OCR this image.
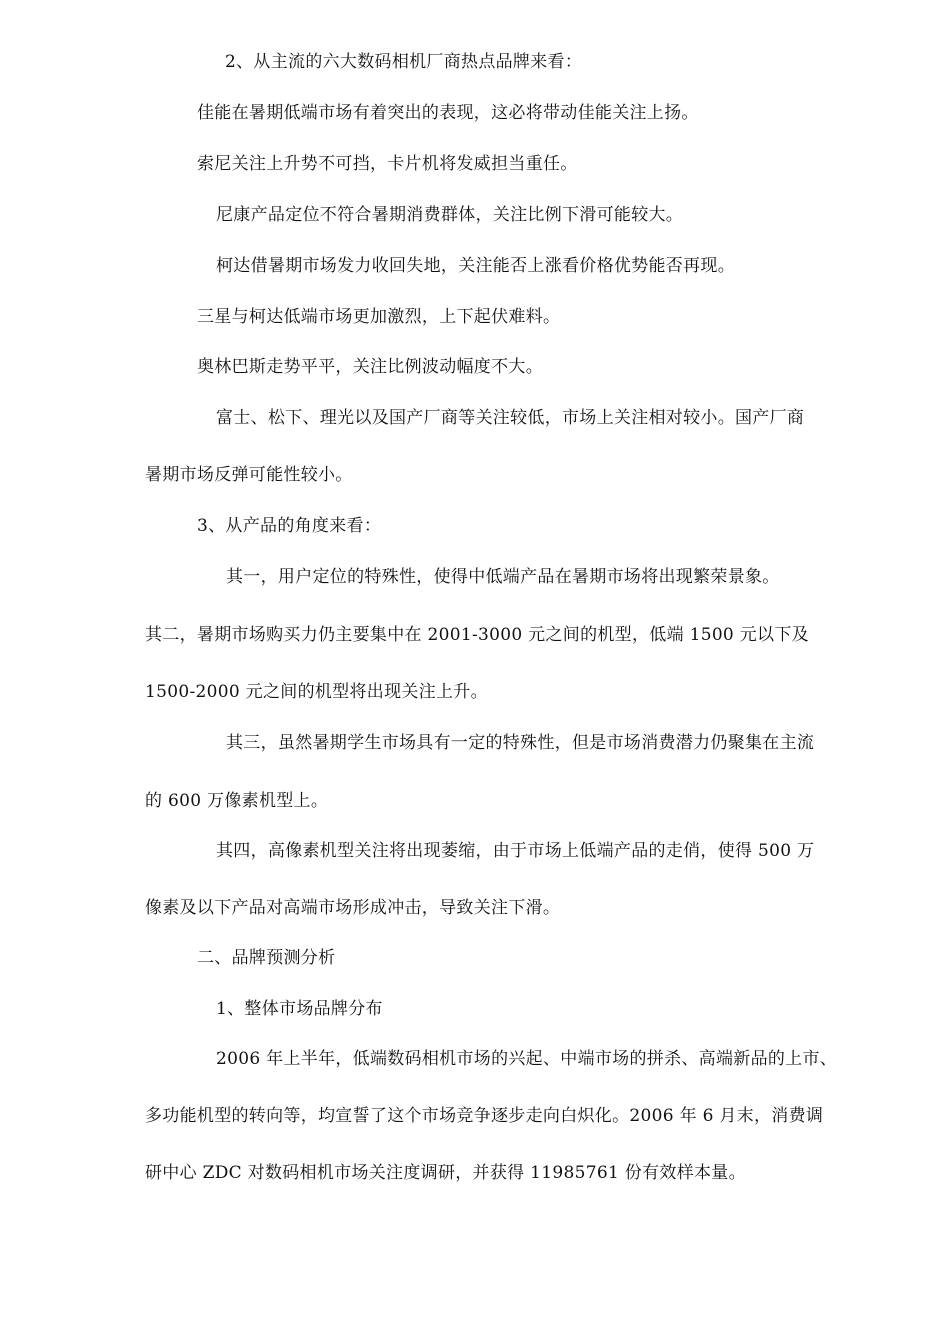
2、从主流的六大数码相机厂商热点品牌来看：
佳能在暑期低端市场有着突出的表现，这必将带动佳能关注上扬。
索尼关注上升势不可挡，卡片机将发威担当重任。
尼康产品定位不符合暑期消费群体，关注比例下滑可能较大。
柯达借暑期市场发力收回失地，关注能否上涨看价格优势能否再现。
三星与柯达低端市场更加激烈，上下起伏难料。
奥林巴斯走势平平，关注比例波动幅度不大。
富士、松下、理光以及国产厂商等关注较低，市场上关注相对较小。国产厂商
暑期市场反弹可能性较小。
3、从产品的角度来看：
其一，用户定位的特殊性，使得中低端产品在暑期市场将出现繁荣景象。
其二，暑期市场购买力仍主要集中在 2001-3000 元之间的机型，低端 1500 元以下及
1500-2000 元之间的机型将出现关注上升。
其三，虽然暑期学生市场具有一定的特殊性，但是市场消费潜力仍聚集在主流
的 600 万像素机型上。
其四，高像素机型关注将出现萎缩，由于市场上低端产品的走俏，使得 500 万
像素及以下产品对高端市场形成冲击，导致关注下滑。
二、品牌预测分析
1、整体市场品牌分布
2006 年上半年，低端数码相机市场的兴起、中端市场的拼杀、高端新品的上市、
多功能机型的转向等，均宣誓了这个市场竞争逐步走向白炽化。2006 年 6 月末，消费调
研中心 ZDC 对数码相机市场关注度调研，并获得 11985761 份有效样本量。
